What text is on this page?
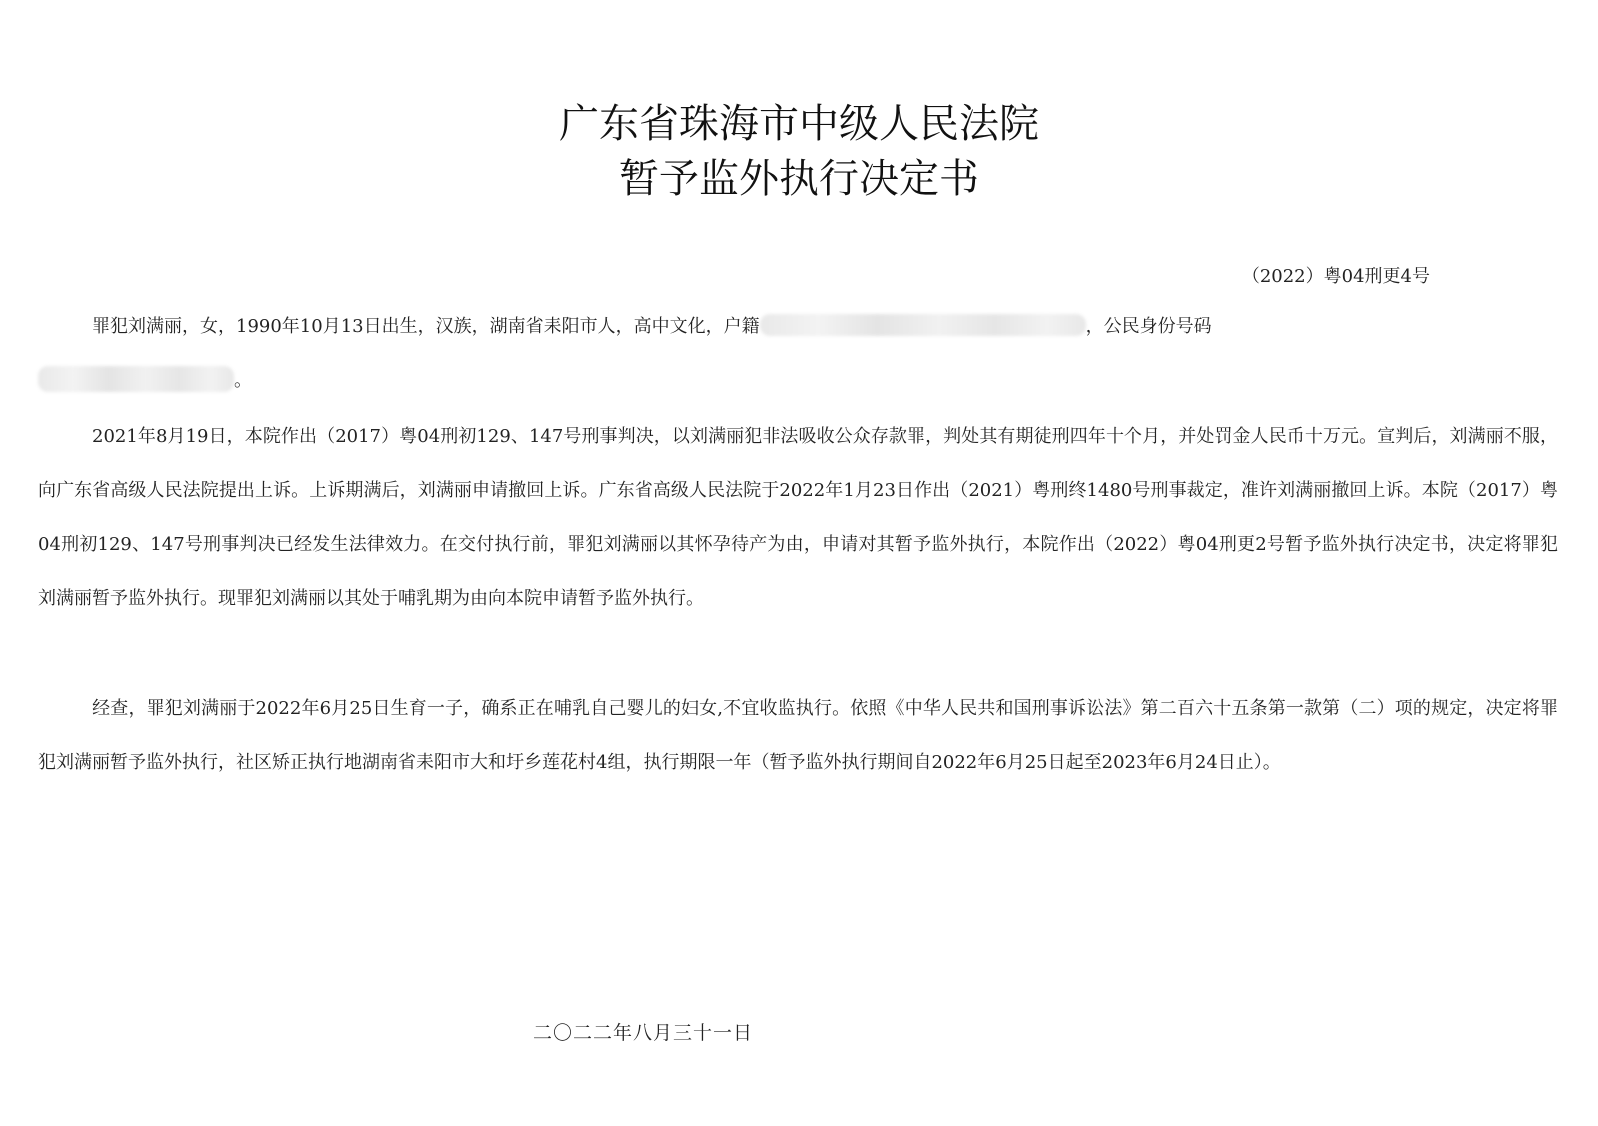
广东省珠海市中级人民法院
暂予监外执行决定书
（2022）粤04刑更4号

罪犯刘满丽，女，1990年10月13日出生，汉族，湖南省耒阳市人，高中文化，户籍	，公民身份号码
。

2021年8月19日，本院作出（2017）粤04刑初129、147号刑事判决，以刘满丽犯非法吸收公众存款罪，判处其有期徒刑四年十个月，并处罚金人民币十万元。宣判后，刘满丽不服，向广东省高级人民法院提出上诉。上诉期满后，刘满丽申请撤回上诉。广东省高级人民法院于2022年1月23日作出（2021）粤刑终1480号刑事裁定，准许刘满丽撤回上诉。本院（2017）粤04刑初129、147号刑事判决已经发生法律效力。在交付执行前，罪犯刘满丽以其怀孕待产为由，申请对其暂予监外执行，本院作出（2022）粤04刑更2号暂予监外执行决定书，决定将罪犯刘满丽暂予监外执行。现罪犯刘满丽以其处于哺乳期为由向本院申请暂予监外执行。

经查，罪犯刘满丽于2022年6月25日生育一子，确系正在哺乳自己婴儿的妇女,不宜收监执行。依照《中华人民共和国刑事诉讼法》第二百六十五条第一款第（二）项的规定，决定将罪犯刘满丽暂予监外执行，社区矫正执行地湖南省耒阳市大和圩乡莲花村4组，执行期限一年（暂予监外执行期间自2022年6月25日起至2023年6月24日止）。

二〇二二年八月三十一日
